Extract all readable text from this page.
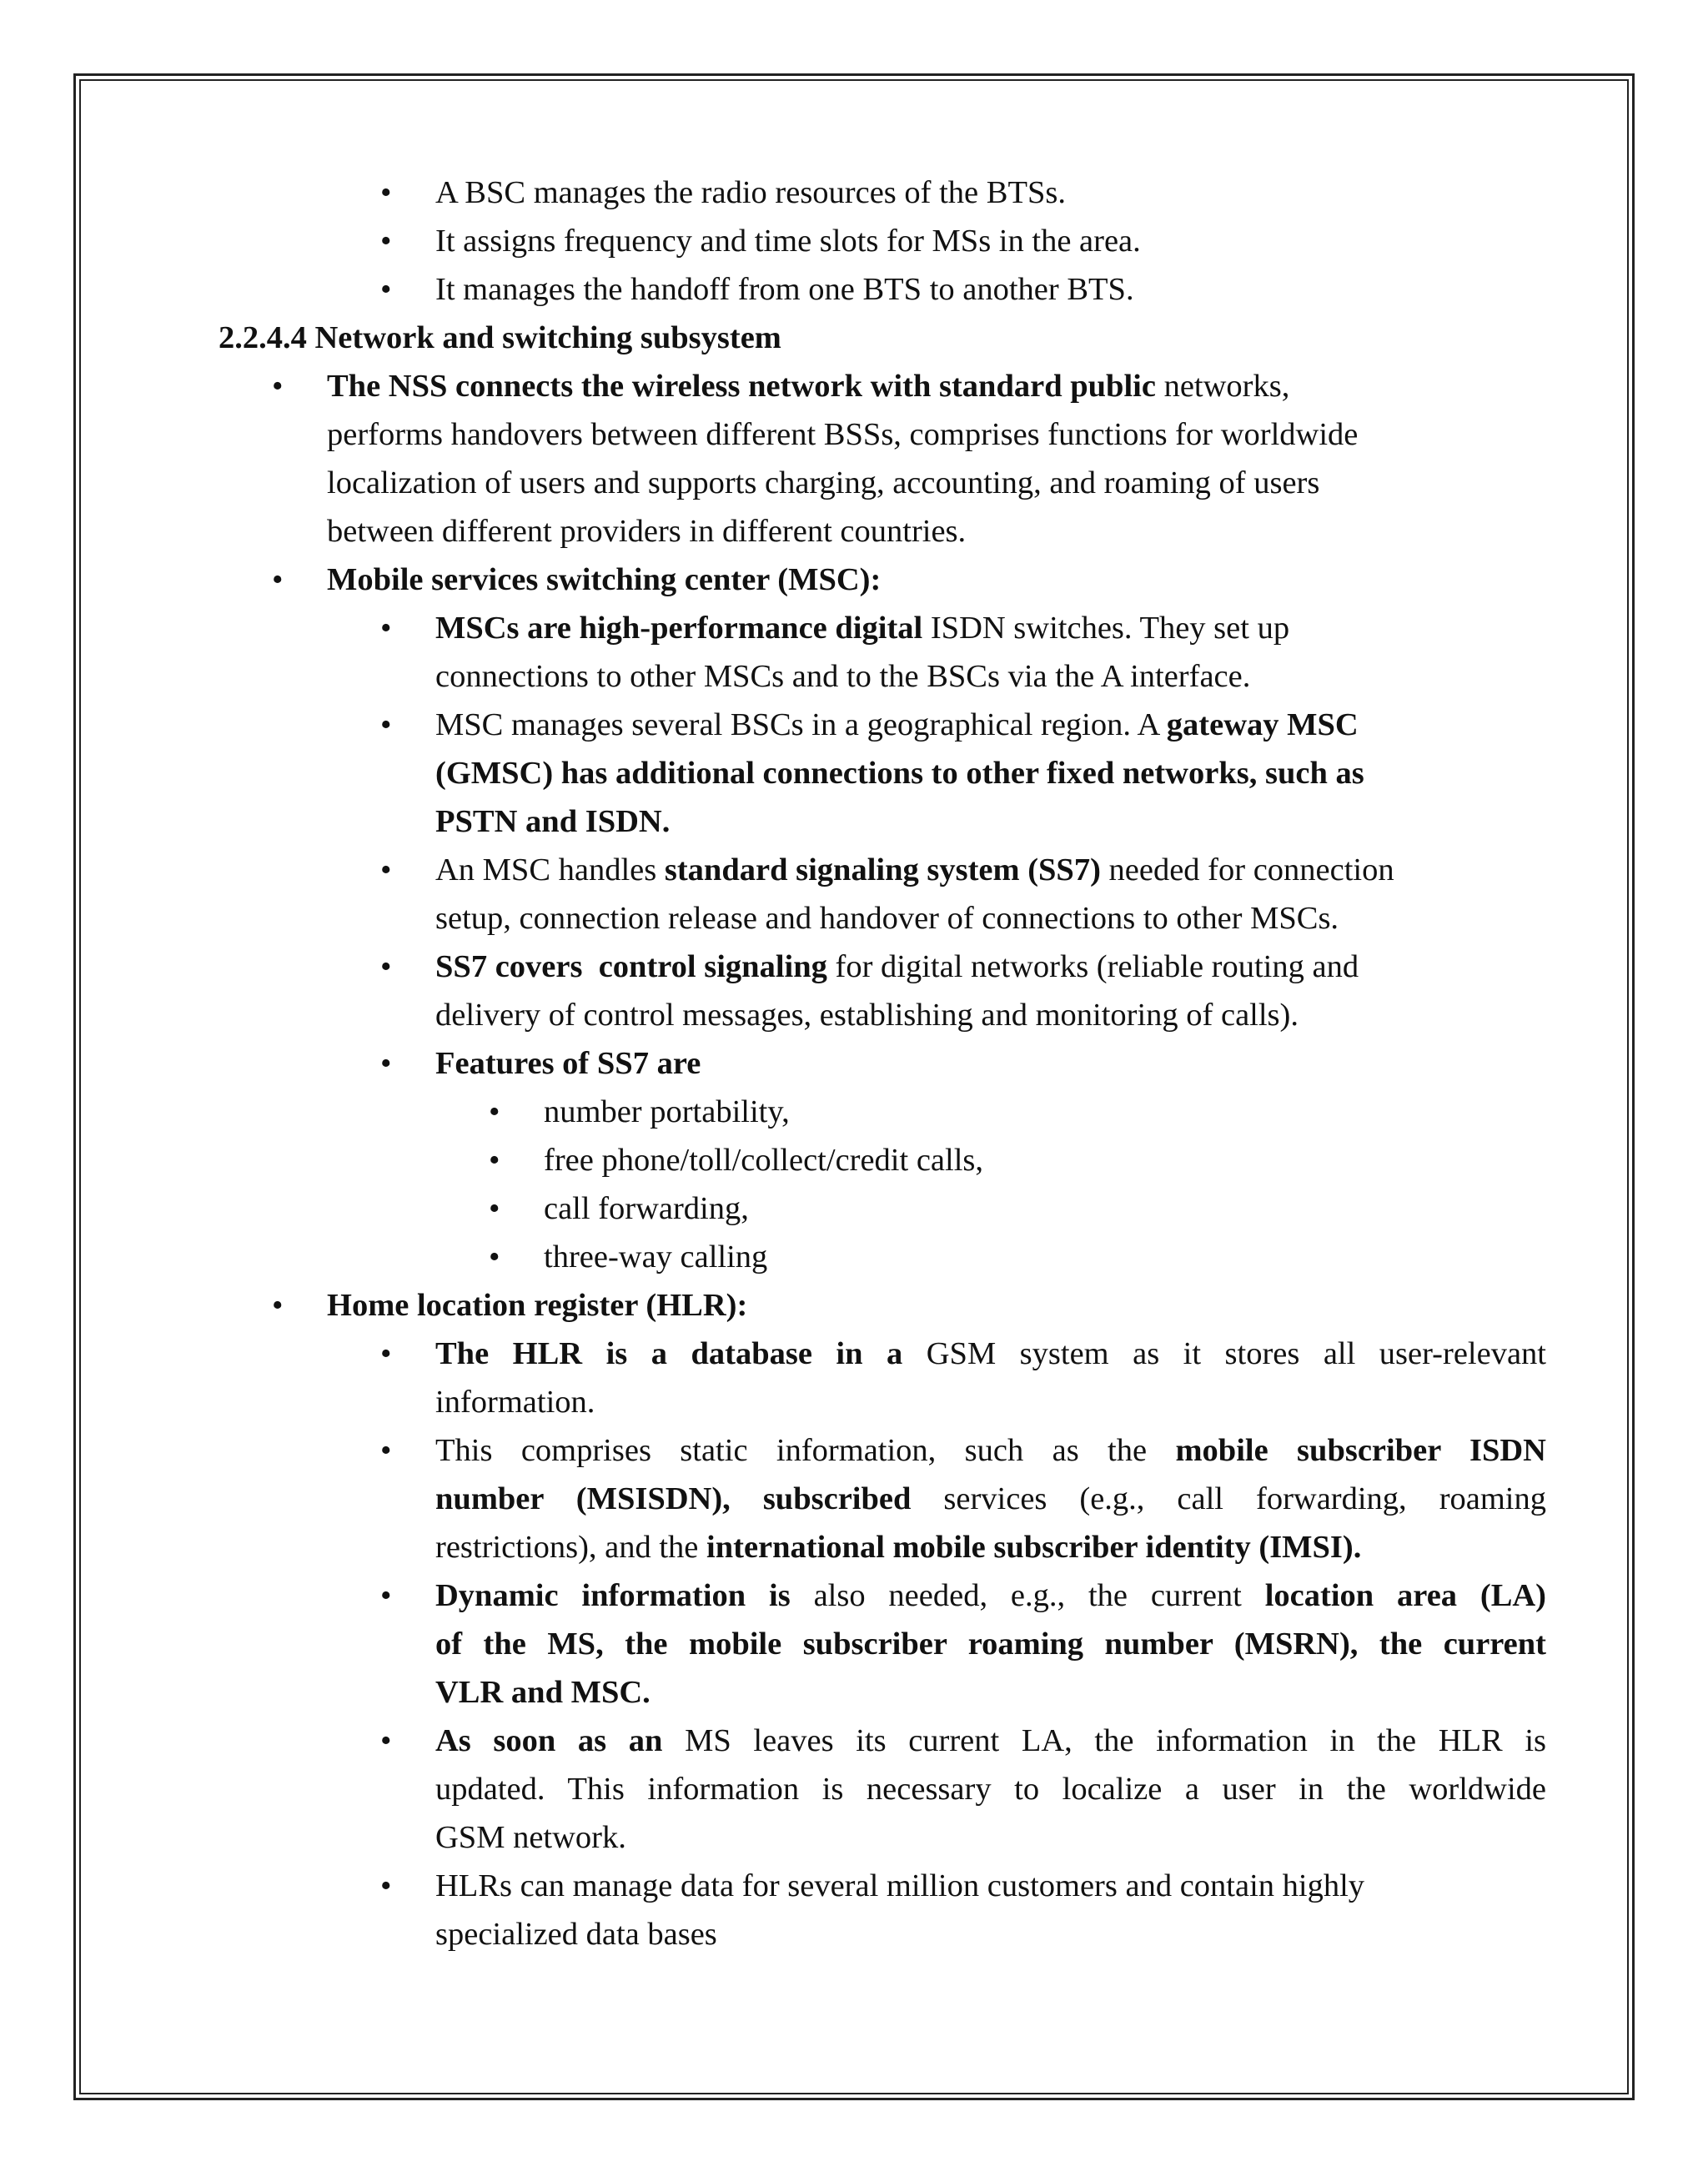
• A BSC manages the radio resources of the BTSs.
• It assigns frequency and time slots for MSs in the area.
• It manages the handoff from one BTS to another BTS.
2.2.4.4 Network and switching subsystem
• The NSS connects the wireless network with standard public networks,
performs handovers between different BSSs, comprises functions for worldwide
localization of users and supports charging, accounting, and roaming of users
between different providers in different countries.
• Mobile services switching center (MSC):
• MSCs are high-performance digital ISDN switches. They set up
connections to other MSCs and to the BSCs via the A interface.
• MSC manages several BSCs in a geographical region. A gateway MSC
(GMSC) has additional connections to other fixed networks, such as
PSTN and ISDN.
• An MSC handles standard signaling system (SS7) needed for connection
setup, connection release and handover of connections to other MSCs.
• SS7 covers  control signaling for digital networks (reliable routing and
delivery of control messages, establishing and monitoring of calls).
• Features of SS7 are
• number portability,
• free phone/toll/collect/credit calls,
• call forwarding,
• three-way calling
• Home location register (HLR):
• The HLR is a database in a GSM system as it stores all user-relevant
information.
• This comprises static information, such as the mobile subscriber ISDN
number (MSISDN), subscribed services (e.g., call forwarding, roaming
restrictions), and the international mobile subscriber identity (IMSI).
• Dynamic information is also needed, e.g., the current location area (LA)
of the MS, the mobile subscriber roaming number (MSRN), the current
VLR and MSC.
• As soon as an MS leaves its current LA, the information in the HLR is
updated. This information is necessary to localize a user in the worldwide
GSM network.
• HLRs can manage data for several million customers and contain highly
specialized data bases
